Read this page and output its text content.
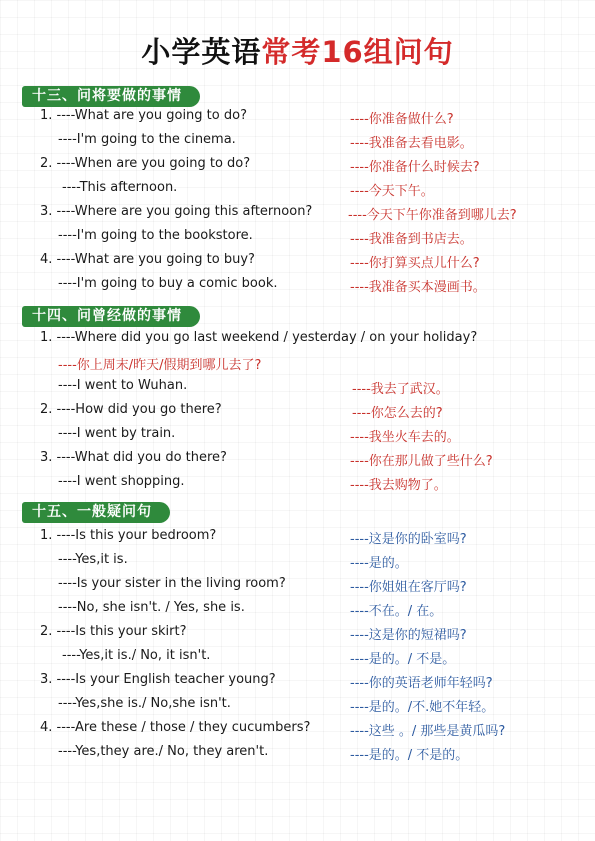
小学英语常考16组问句
十三、问将要做的事情
1. ----What are you going to do?	----你准备做什么?
----I'm going to the cinema.	----我准备去看电影。
2. ----When are you going to do?	----你准备什么时候去?
----This afternoon.	----今天下午。
3. ----Where are you going this afternoon?	----今天下午你准备到哪儿去?
----I'm going to the bookstore.	----我准备到书店去。
4. ----What are you going to buy?	----你打算买点儿什么?
----I'm going to buy a comic book.	----我准备买本漫画书。
十四、问曾经做的事情
1. ----Where did you go last weekend / yesterday / on your holiday?
----你上周末/昨天/假期到哪儿去了?
----I went to Wuhan.	----我去了武汉。
2. ----How did you go there?	----你怎么去的?
----I went by train.	----我坐火车去的。
3. ----What did you do there?	----你在那儿做了些什么?
----I went shopping.	----我去购物了。
十五、一般疑问句
1. ----Is this your bedroom?	----这是你的卧室吗?
----Yes,it is.	----是的。
----Is your sister in the living room?	----你姐姐在客厅吗?
----No, she isn't. / Yes, she is.	----不在。/ 在。
2. ----Is this your skirt?	----这是你的短裙吗?
----Yes,it is./ No, it isn't.	----是的。/ 不是。
3. ----Is your English teacher young?	----你的英语老师年轻吗?
----Yes,she is./ No,she isn't.	----是的。/不.她不年轻。
4. ----Are these / those / they cucumbers?	----这些 。/ 那些是黄瓜吗?
----Yes,they are./ No, they aren't.	----是的。/ 不是的。
